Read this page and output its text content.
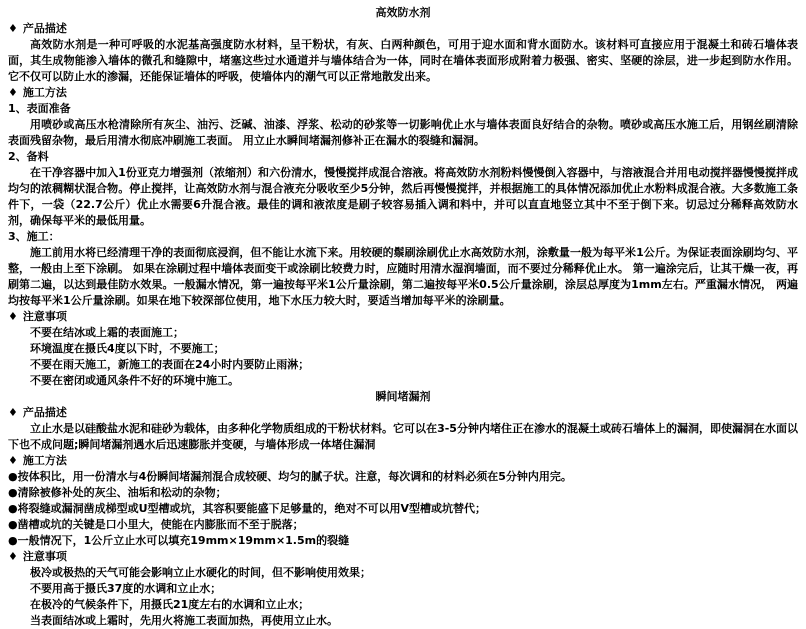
高效防水剂
♦ 产品描述
高效防水剂是一种可呼吸的水泥基高强度防水材料，呈干粉状，有灰、白两种颜色，可用于迎水面和背水面防水。该材料可直接应用于混凝土和砖石墙体表面，其生成物能渗入墙体的微孔和缝隙中，堵塞这些过水通道并与墙体结合为一体，同时在墙体表面形成附着力极强、密实、坚硬的涂层，进一步起到防水作用。它不仅可以防止水的渗漏，还能保证墙体的呼吸，使墙体内的潮气可以正常地散发出来。
♦ 施工方法
1、表面准备
用喷砂或高压水枪清除所有灰尘、油污、泛碱、油漆、浮浆、松动的砂浆等一切影响优止水与墙体表面良好结合的杂物。喷砂或高压水施工后，用钢丝刷清除表面残留杂物，最后用清水彻底冲刷施工表面。 用立止水瞬间堵漏剂修补正在漏水的裂缝和漏洞。
2、备料
在干净容器中加入1份亚克力增强剂（浓缩剂）和六份清水，慢慢搅拌成混合溶液。将高效防水剂粉料慢慢倒入容器中，与溶液混合并用电动搅拌器慢慢搅拌成均匀的浓稠糊状混合物。停止搅拌，让高效防水剂与混合液充分吸收至少5分钟，然后再慢慢搅拌，并根据施工的具体情况添加优止水粉料成混合液。大多数施工条件下，一袋（22.7公斤）优止水需要6升混合液。最佳的调和液浓度是刷子较容易插入调和料中，并可以直直地竖立其中不至于倒下来。切忌过分稀释高效防水剂，确保每平米的最低用量。
3、施工：
施工前用水将已经清理干净的表面彻底浸润，但不能让水流下来。用较硬的鬃刷涂刷优止水高效防水剂，涂敷量一般为每平米1公斤。为保证表面涂刷均匀、平整，一般由上至下涂刷。 如果在涂刷过程中墙体表面变干或涂刷比较费力时，应随时用清水湿润墙面，而不要过分稀释优止水。 第一遍涂完后，让其干燥一夜，再刷第二遍，以达到最佳防水效果。一般漏水情况，第一遍按每平米1公斤量涂刷，第二遍按每平米0.5公斤量涂刷，涂层总厚度为1mm左右。严重漏水情况， 两遍均按每平米1公斤量涂刷。如果在地下较深部位使用，地下水压力较大时，要适当增加每平米的涂刷量。
♦ 注意事项
不要在结冰或上霜的表面施工；
环境温度在摄氏4度以下时，不要施工；
不要在雨天施工，新施工的表面在24小时内要防止雨淋；
不要在密闭或通风条件不好的环境中施工。
瞬间堵漏剂
♦ 产品描述
立止水是以硅酸盐水泥和硅砂为载体，由多种化学物质组成的干粉状材料。它可以在3-5分钟内堵住正在渗水的混凝土或砖石墙体上的漏洞，即使漏洞在水面以下也不成问题;瞬间堵漏剂遇水后迅速膨胀并变硬，与墙体形成一体堵住漏洞
♦ 施工方法
●按体积比，用一份清水与4份瞬间堵漏剂混合成较硬、均匀的腻子状。注意，每次调和的材料必须在5分钟内用完。
●清除被修补处的灰尘、油垢和松动的杂物；
●将裂缝或漏洞凿成梯型或U型槽或坑，其容积要能盛下足够量的，绝对不可以用V型槽或坑替代；
●凿槽或坑的关键是口小里大，使能在内膨胀而不至于脱落；
●一般情况下，1公斤立止水可以填充19mm×19mm×1.5m的裂缝
♦ 注意事项
极冷或极热的天气可能会影响立止水硬化的时间，但不影响使用效果；
不要用高于摄氏37度的水调和立止水；
在极冷的气候条件下，用摄氏21度左右的水调和立止水；
当表面结冰或上霜时，先用火将施工表面加热，再使用立止水。
